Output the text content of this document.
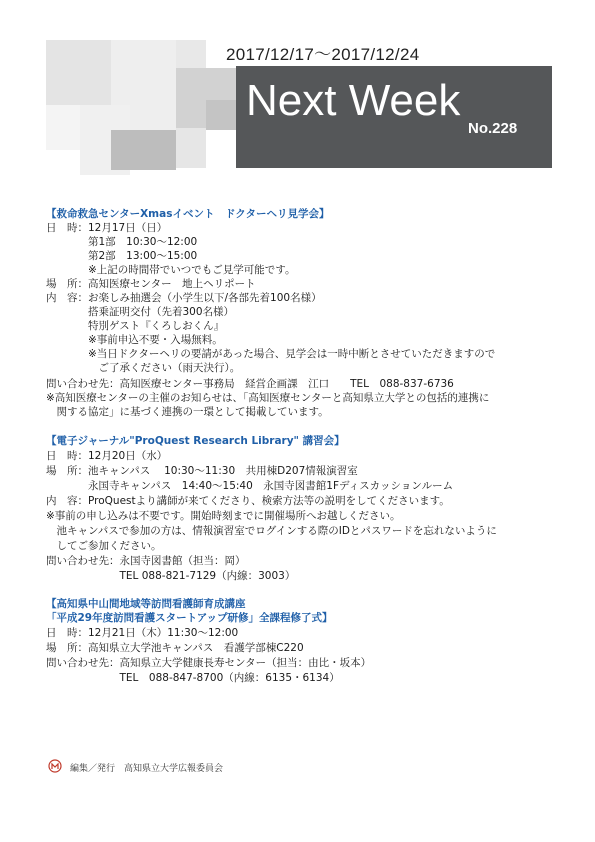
2017/12/17～2017/12/24
Next Week
No.228
【救命救急センターXmasイベント　ドクターヘリ見学会】
日　時：12月17日（日）
　　　　第1部　10:30～12:00
　　　　第2部　13:00～15:00
　　　　※上記の時間帯でいつでもご見学可能です。
場　所：高知医療センター　地上ヘリポート
内　容：お楽しみ抽選会（小学生以下/各部先着100名様）
　　　　搭乗証明交付（先着300名様）
　　　　特別ゲスト『くろしおくん』
　　　　※事前申込不要・入場無料。
　　　　※当日ドクターヘリの要請があった場合、見学会は一時中断とさせていただきますので
　　　　　ご了承ください（雨天決行）。
問い合わせ先：高知医療センター事務局　経営企画課　江口　　TEL　088-837-6736
※高知医療センターの主催のお知らせは、「高知医療センターと高知県立大学との包括的連携に
　関する協定」に基づく連携の一環として掲載しています。
【電子ジャーナル"ProQuest Research Library" 講習会】
日　時：12月20日（水）
場　所：池キャンパス　 10:30～11:30　共用棟D207情報演習室
　　　　永国寺キャンパス　14:40～15:40　永国寺図書館1Fディスカッションルーム
内　容：ProQuestより講師が来てくださり、検索方法等の説明をしてくださいます。
※事前の申し込みは不要です。開始時刻までに開催場所へお越しください。
　池キャンパスで参加の方は、情報演習室でログインする際のIDとパスワードを忘れないように
　してご参加ください。
問い合わせ先：永国寺図書館（担当：岡）
　　　　　　　TEL 088-821-7129（内線：3003）
【高知県中山間地域等訪問看護師育成講座
「平成29年度訪問看護スタートアップ研修」全課程修了式】
日　時：12月21日（木）11:30～12:00
場　所：高知県立大学池キャンパス　看護学部棟C220
問い合わせ先：高知県立大学健康長寿センター（担当：由比・坂本）
　　　　　　　TEL　088-847-8700（内線：6135・6134）
編集／発行　高知県立大学広報委員会
